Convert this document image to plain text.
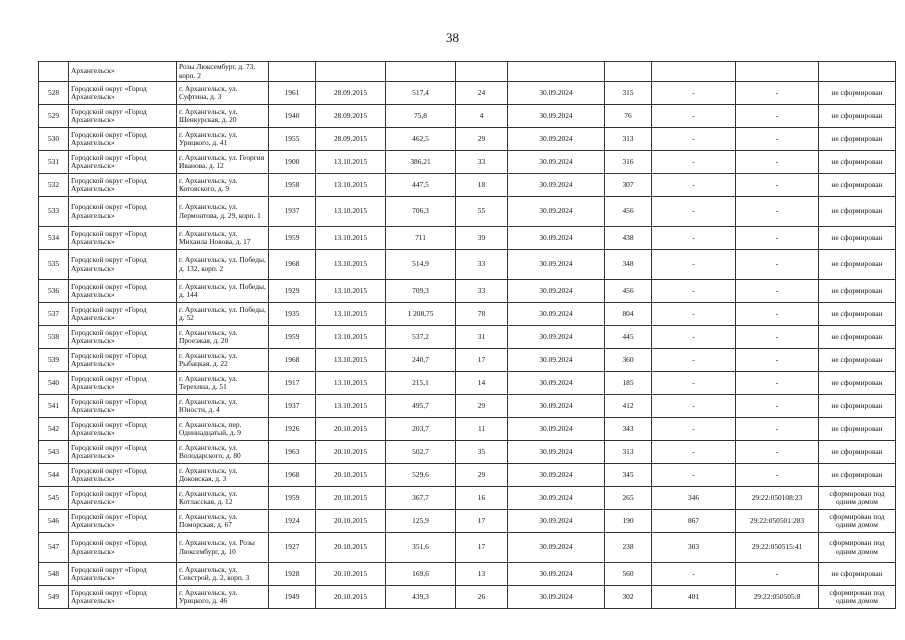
38
	Архангельск»	Розы Люксембург, д. 73, корп. 2									
528	Городской округ «Город Архангельск»	г. Архангельск, ул. Суфтина, д. 3	1961	28.09.2015	517,4	24	30.09.2024	315	-	-	не сформирован
529	Городской округ «Город Архангельск»	г. Архангельск, ул. Шенкурская, д. 20	1940	28.09.2015	75,8	4	30.09.2024	76	-	-	не сформирован
530	Городской округ «Город Архангельск»	г. Архангельск, ул. Урицкого, д. 41	1955	28.09.2015	462,5	29	30.09.2024	313	-	-	не сформирован
531	Городской округ «Город Архангельск»	г. Архангельск, ул. Георгия Иванова, д. 12	1900	13.10.2015	386,21	33	30.09.2024	316	-	-	не сформирован
532	Городской округ «Город Архангельск»	г. Архангельск, ул. Котовского, д. 9	1958	13.10.2015	447,5	18	30.09.2024	307	-	-	не сформирован
533	Городской округ «Город Архангельск»	г. Архангельск, ул. Лермонтова, д. 29, корп. 1	1937	13.10.2015	706,3	55	30.09.2024	456	-	-	не сформирован
534	Городской округ «Город Архангельск»	г. Архангельск, ул. Михаила Новова, д. 17	1959	13.10.2015	711	39	30.09.2024	438	-	-	не сформирован
535	Городской округ «Город Архангельск»	г. Архангельск, ул. Победы, д. 132, корп. 2	1968	13.10.2015	514,9	33	30.09.2024	348	-	-	не сформирован
536	Городской округ «Город Архангельск»	г. Архангельск, ул. Победы, д. 144	1929	13.10.2015	709,3	33	30.09.2024	456	-	-	не сформирован
537	Городской округ «Город Архангельск»	г. Архангельск, ул. Победы, д. 52	1935	13.10.2015	1 208,75	78	30.09.2024	804	-	-	не сформирован
538	Городской округ «Город Архангельск»	г. Архангельск, ул. Проезжая, д. 20	1959	13.10.2015	537,2	31	30.09.2024	445	-	-	не сформирован
539	Городской округ «Город Архангельск»	г. Архангельск, ул. Рыбацкая, д. 22	1968	13.10.2015	240,7	17	30.09.2024	360	-	-	не сформирован
540	Городской округ «Город Архангельск»	г. Архангельск, ул. Терехина, д. 51	1917	13.10.2015	215,1	14	30.09.2024	185	-	-	не сформирован
541	Городской округ «Город Архангельск»	г. Архангельск, ул. Юности, д. 4	1937	13.10.2015	495,7	29	30.09.2024	412	-	-	не сформирован
542	Городской округ «Город Архангельск»	г. Архангельск, пер. Одиннадцатый, д. 9	1926	20.10.2015	203,7	11	30.09.2024	343	-	-	не сформирован
543	Городской округ «Город Архангельск»	г. Архангельск, ул. Володарского, д. 80	1963	20.10.2015	502,7	35	30.09.2024	313	-	-	не сформирован
544	Городской округ «Город Архангельск»	г. Архангельск, ул. Доковская, д. 3	1968	20.10.2015	529,6	29	30.09.2024	345	-	-	не сформирован
545	Городской округ «Город Архангельск»	г. Архангельск, ул. Котласская, д. 12	1959	20.10.2015	367,7	16	30.09.2024	265	346	29:22:050108:23	сформирован под одним домом
546	Городской округ «Город Архангельск»	г. Архангельск, ул. Поморская, д. 67	1924	20.10.2015	125,9	17	30.09.2024	190	867	29:22:050501:283	сформирован под одним домом
547	Городской округ «Город Архангельск»	г. Архангельск, ул. Розы Люксембург, д. 10	1927	20.10.2015	351,6	17	30.09.2024	238	303	29:22:050515:41	сформирован под одним домом
548	Городской округ «Город Архангельск»	г. Архангельск, ул. Севстрой, д. 2, корп. 3	1928	20.10.2015	169,6	13	30.09.2024	560	-	-	не сформирован
549	Городской округ «Город Архангельск»	г. Архангельск, ул. Урицкого, д. 46	1949	20.10.2015	439,3	26	30.09.2024	302	401	29:22:050505:8	сформирован под одним домом
